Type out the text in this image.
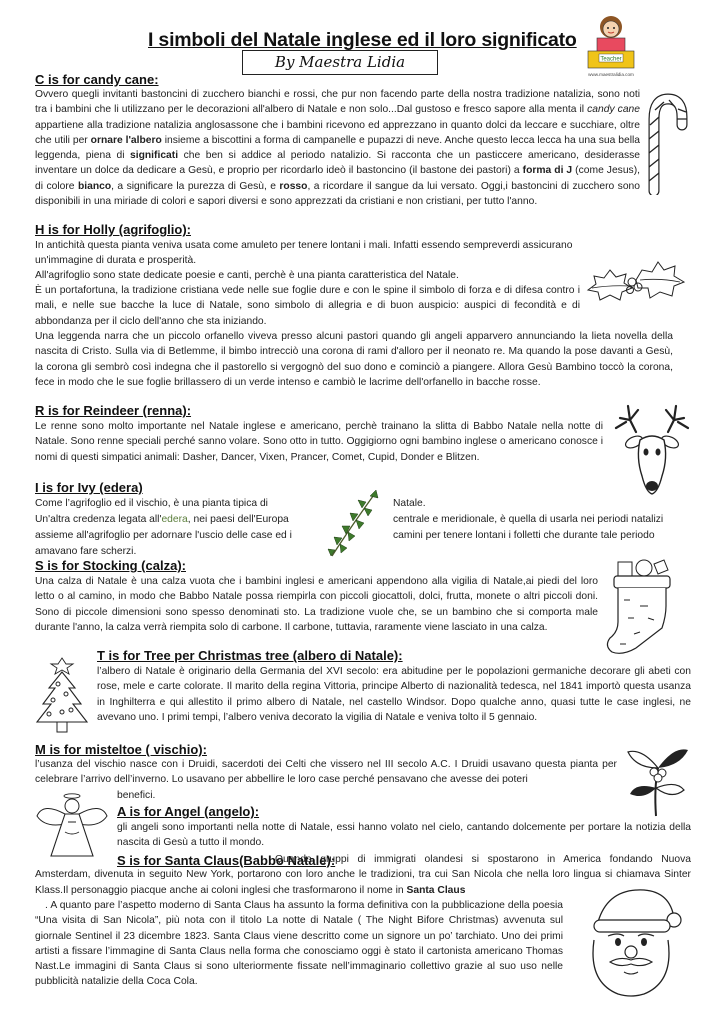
I simboli del Natale inglese ed il loro significato
By Maestra Lidia	Teacher
www.maestralidia.com
C is for candy cane:
Ovvero quegli invitanti bastoncini di zucchero bianchi e rossi, che pur non facendo parte della nostra tradizione natalizia, sono noti tra i bambini che li utilizzano per le decorazioni all'albero di Natale e non solo...Dal gustoso e fresco sapore alla menta il candy cane appartiene alla tradizione natalizia anglosassone che i bambini ricevono ed apprezzano in quanto dolci da leccare e succhiare, oltre che utili per ornare l'albero insieme a biscottini a forma di campanelle e pupazzi di neve. Anche questo lecca lecca ha una sua bella leggenda, piena di significati che ben si addice al periodo natalizio. Si racconta che un pasticcere americano, desiderasse inventare un dolce da dedicare a Gesù, e proprio per ricordarlo ideò il bastoncino (il bastone dei pastori) a forma di J (come Jesus), di colore bianco, a significare la purezza di Gesù, e rosso, a ricordare il sangue da lui versato. Oggi,i bastoncini di zucchero sono disponibili in una miriade di colori e sapori diversi e sono apprezzati da cristiani e non cristiani, per tutto l'anno.
H is for Holly (agrifoglio):
In antichità questa pianta veniva usata come amuleto per tenere lontani i mali. Infatti essendo sempreverdi assicurano un'immagine di durata e prosperità.
All'agrifoglio sono state dedicate poesie e canti, perchè è una pianta caratteristica del Natale.
È un portafortuna, la tradizione cristiana vede nelle sue foglie dure e con le spine il simbolo di forza e di difesa contro i mali, e nelle sue bacche la luce di Natale, sono simbolo di allegria e di buon auspicio: auspici di fecondità e di abbondanza per il ciclo dell'anno che sta iniziando.
Una leggenda narra che un piccolo orfanello viveva presso alcuni pastori quando gli angeli apparvero annunciando la lieta novella della nascita di Cristo. Sulla via di Betlemme, il bimbo intrecciò una corona di rami d'alloro per il neonato re. Ma quando la pose davanti a Gesù, la corona gli sembrò così indegna che il pastorello si vergognò del suo dono e cominciò a piangere. Allora Gesù Bambino toccò la corona, fece in modo che le sue foglie brillassero di un verde intenso e cambiò le lacrime dell'orfanello in bacche rosse.
R is for Reindeer (renna):
Le renne sono molto importante nel Natale inglese e americano, perchè trainano la slitta di Babbo Natale nella notte di Natale. Sono renne speciali perché sanno volare. Sono otto in tutto. Oggigiorno ogni bambino inglese o americano conosce i nomi di questi simpatici animali: Dasher, Dancer, Vixen, Prancer, Comet, Cupid, Donder e Blitzen.
I is for Ivy (edera)
Come l’agrifoglio ed il vischio, è una pianta tipica di
Un'altra credenza legata all'edera, nei paesi dell'Europa
assieme all'agrifoglio per adornare l'uscio delle case ed i
amavano fare scherzi.
Natale.
centrale e meridionale, è quella di usarla nei periodi natalizi
camini per tenere lontani i folletti che durante tale periodo
S is for Stocking (calza):
Una calza di Natale è una calza vuota che i bambini inglesi e americani appendono alla vigilia di Natale,ai piedi del loro letto o al camino, in modo che Babbo Natale possa riempirla con piccoli giocattoli, dolci, frutta, monete o altri piccoli doni. Sono di piccole dimensioni sono spesso denominati sto. La tradizione vuole che, se un bambino che si comporta male durante l'anno, la calza verrà riempita solo di carbone. Il carbone, tuttavia, raramente viene lasciato in una calza.
T is for Tree per Christmas tree (albero di Natale):
l’albero di Natale è originario della Germania del XVI secolo: era abitudine per le popolazioni germaniche decorare gli abeti con rose, mele e carte colorate. Il marito della regina Vittoria, principe Alberto di nazionalità tedesca, nel 1841 importò questa usanza in Inghilterra e qui allestito il primo albero di Natale, nel castello Windsor. Dopo qualche anno, quasi tutte le case inglesi, ne avevano uno. I primi tempi, l’albero veniva decorato la vigilia di Natale e veniva tolto il 5 gennaio.
M is for misteltoe ( vischio):
l’usanza del vischio nasce con i Druidi, sacerdoti dei Celti che vissero nel III secolo A.C. I Druidi usavano questa pianta per celebrare l’arrivo dell’inverno. Lo usavano per abbellire le loro case perché pensavano che avesse dei poteri
benefici.
A is for Angel (angelo):
gli angeli sono importanti nella notte di Natale, essi hanno volato nel cielo, cantando dolcemente per portare la notizia della nascita di Gesù a tutto il mondo.
S is for Santa Claus(Babbo Natale):
Quando gruppi di immigrati olandesi si spostarono in America fondando Nuova Amsterdam, divenuta in seguito New York, portarono con loro anche le tradizioni, tra cui San Nicola che nella loro lingua si chiamava Sinter Klass.Il personaggio piacque anche ai coloni inglesi che trasformarono il nome in Santa Claus
. A quanto pare l’aspetto moderno di Santa Claus ha assunto la forma definitiva con la pubblicazione della poesia “Una visita di San Nicola”, più nota con il titolo La notte di Natale ( The Night Bifore Christmas) avvenuta sul giornale Sentinel il 23 dicembre 1823. Santa Claus viene descritto come un signore un po’ tarchiato. Uno dei primi artisti a fissare l’immagine di Santa Claus nella forma che conosciamo oggi è stato il cartonista americano Thomas Nast.Le immagini di Santa Claus si sono ulteriormente fissate nell’immaginario collettivo grazie al suo uso nelle pubblicità natalizie della Coca Cola.
